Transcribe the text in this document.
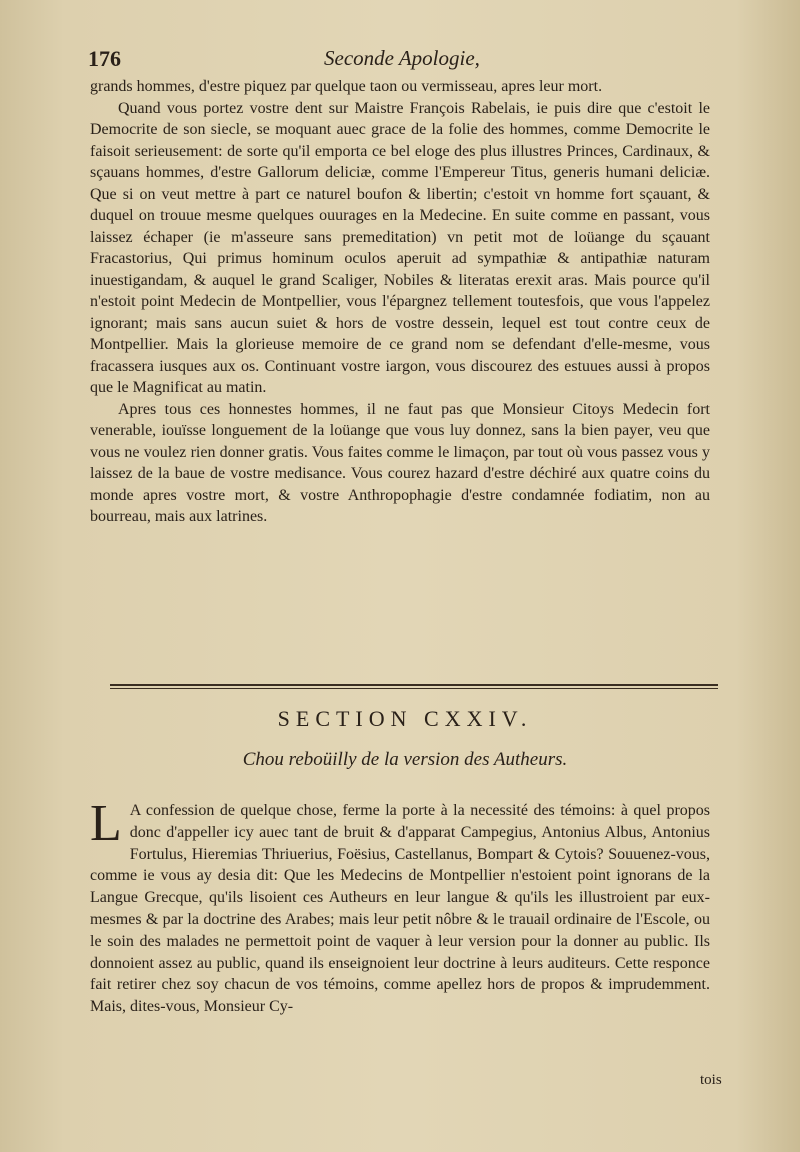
176	Seconde Apologie,

grands hommes, d'estre piquez par quelque taon ou vermisseau, apres leur mort.

Quand vous portez vostre dent sur Maistre François Rabelais, ie puis dire que c'estoit le Democrite de son siecle, se moquant auec grace de la folie des hommes, comme Democrite le faisoit serieusement: de sorte qu'il emporta ce bel eloge des plus illustres Princes, Cardinaux, & sçauans hommes, d'estre Gallorum deliciæ, comme l'Empereur Titus, generis humani deliciæ. Que si on veut mettre à part ce naturel boufon & libertin; c'estoit vn homme fort sçauant, & duquel on trouue mesme quelques ouurages en la Medecine. En suite comme en passant, vous laissez échaper (ie m'asseure sans premeditation) vn petit mot de loüange du sçauant Fracastorius, Qui primus hominum oculos aperuit ad sympathiæ & antipathiæ naturam inuestigandam, & auquel le grand Scaliger, Nobiles & literatas erexit aras. Mais pource qu'il n'estoit point Medecin de Montpellier, vous l'épargnez tellement toutesfois, que vous l'appelez ignorant; mais sans aucun suiet & hors de vostre dessein, lequel est tout contre ceux de Montpellier. Mais la glorieuse memoire de ce grand nom se defendant d'elle-mesme, vous fracassera iusques aux os. Continuant vostre iargon, vous discourez des estuues aussi à propos que le Magnificat au matin.

Apres tous ces honnestes hommes, il ne faut pas que Monsieur Citoys Medecin fort venerable, iouïsse longuement de la loüange que vous luy donnez, sans la bien payer, veu que vous ne voulez rien donner gratis. Vous faites comme le limaçon, par tout où vous passez vous y laissez de la baue de vostre medisance. Vous courez hazard d'estre déchiré aux quatre coins du monde apres vostre mort, & vostre Anthropophagie d'estre condamnée fodiatim, non au bourreau, mais aux latrines.

SECTION CXXIV.
Chou reboüilly de la version des Autheurs.

L A confession de quelque chose, ferme la porte à la necessité des témoins: à quel propos donc d'appeller icy auec tant de bruit & d'apparat Campegius, Antonius Albus, Antonius Fortulus, Hieremias Thriuerius, Foësius, Castellanus, Bompart & Cytois? Souuenez-vous, comme ie vous ay desia dit: Que les Medecins de Montpellier n'estoient point ignorans de la Langue Grecque, qu'ils lisoient ces Autheurs en leur langue & qu'ils les illustroient par eux-mesmes & par la doctrine des Arabes; mais leur petit nôbre & le trauail ordinaire de l'Escole, ou le soin des malades ne permettoit point de vaquer à leur version pour la donner au public. Ils donnoient assez au public, quand ils enseignoient leur doctrine à leurs auditeurs. Cette responce fait retirer chez soy chacun de vos témoins, comme apellez hors de propos & imprudemment. Mais, dites-vous, Monsieur Cy-

tois
